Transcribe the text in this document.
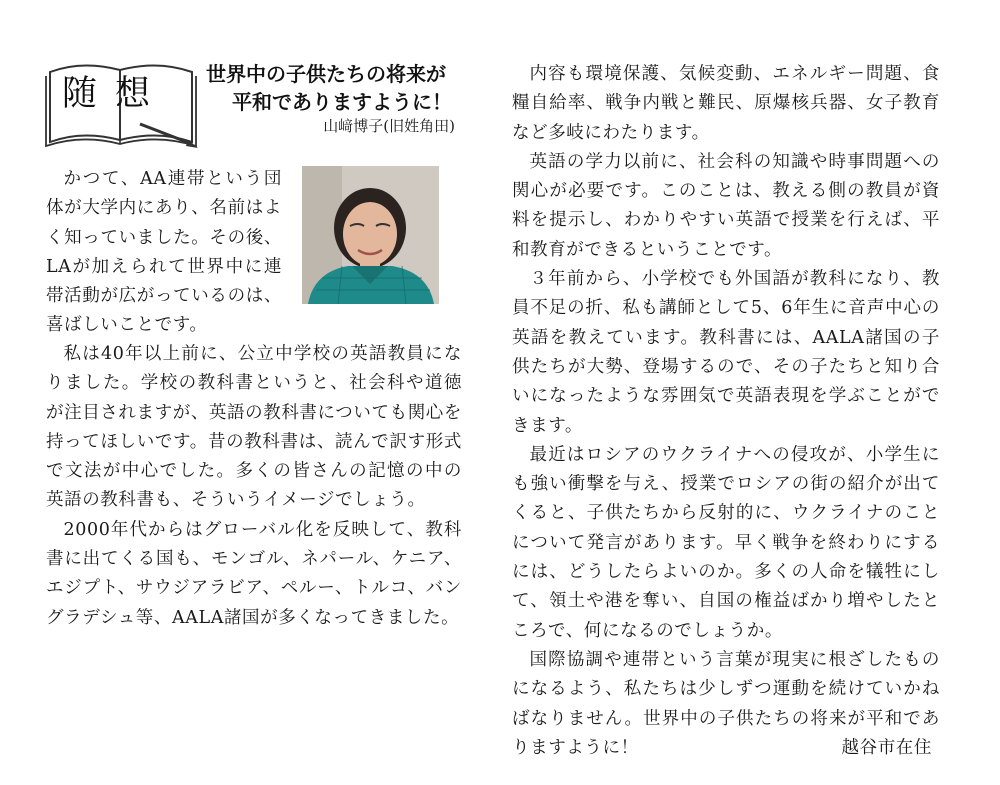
随想 世界中の子供たちの将来が
平和でありますように！
山﨑博子(旧姓角田)

かつて、AA連帯という団体が大学内にあり、名前はよく知っていました。その後、LAが加えられて世界中に連帯活動が広がっているのは、喜ばしいことです。

私は40年以上前に、公立中学校の英語教員になりました。学校の教科書というと、社会科や道徳が注目されますが、英語の教科書についても関心を持ってほしいです。昔の教科書は、読んで訳す形式で文法が中心でした。多くの皆さんの記憶の中の英語の教科書も、そういうイメージでしょう。

2000年代からはグローバル化を反映して、教科書に出てくる国も、モンゴル、ネパール、ケニア、エジプト、サウジアラビア、ペルー、トルコ、バングラデシュ等、AALA諸国が多くなってきました。

内容も環境保護、気候変動、エネルギー問題、食糧自給率、戦争内戦と難民、原爆核兵器、女子教育など多岐にわたります。

英語の学力以前に、社会科の知識や時事問題への関心が必要です。このことは、教える側の教員が資料を提示し、わかりやすい英語で授業を行えば、平和教育ができるということです。

３年前から、小学校でも外国語が教科になり、教員不足の折、私も講師として5、6年生に音声中心の英語を教えています。教科書には、AALA諸国の子供たちが大勢、登場するので、その子たちと知り合いになったような雰囲気で英語表現を学ぶことができます。

最近はロシアのウクライナへの侵攻が、小学生にも強い衝撃を与え、授業でロシアの街の紹介が出てくると、子供たちから反射的に、ウクライナのことについて発言があります。早く戦争を終わりにするには、どうしたらよいのか。多くの人命を犠牲にして、領土や港を奪い、自国の権益ばかり増やしたところで、何になるのでしょうか。

国際協調や連帯という言葉が現実に根ざしたものになるよう、私たちは少しずつ運動を続けていかねばなりません。世界中の子供たちの将来が平和でありますように！	越谷市在住
